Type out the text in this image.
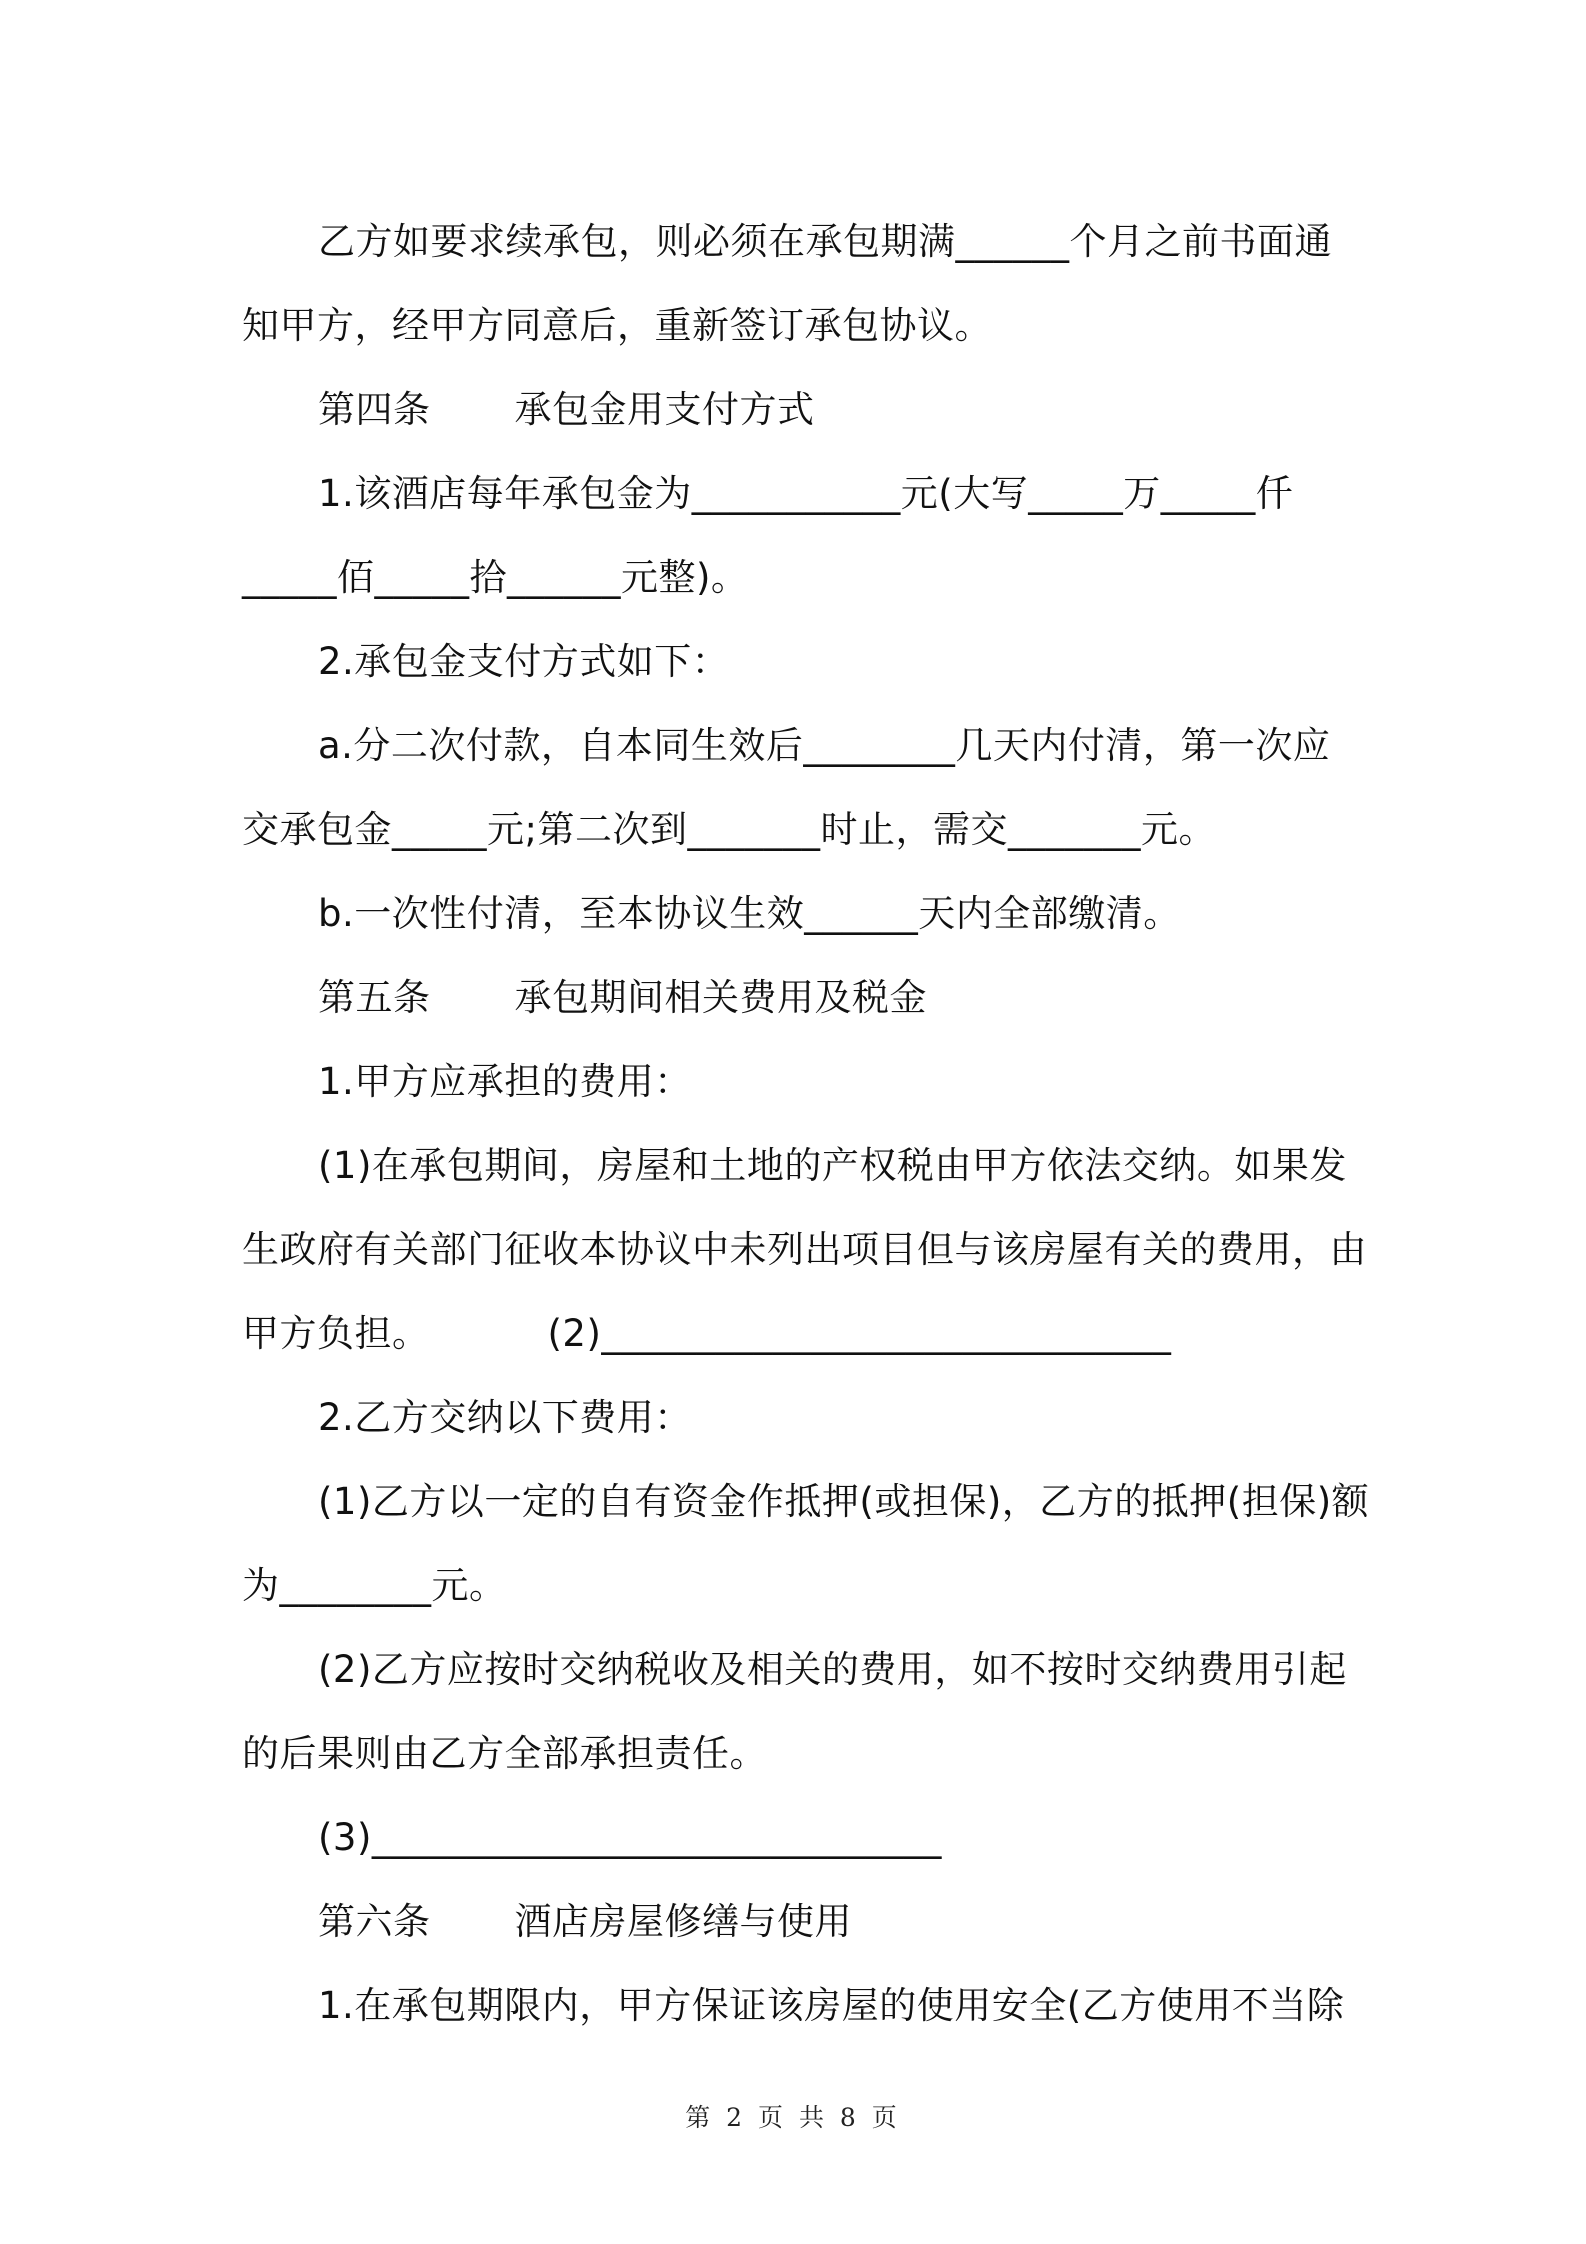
乙方如要求续承包，则必须在承包期满______个月之前书面通

知甲方，经甲方同意后，重新签订承包协议。

第四条 承包金用支付方式

1.该酒店每年承包金为___________元(大写_____万_____仟

_____佰_____拾______元整)。

2.承包金支付方式如下：

a.分二次付款，自本同生效后________几天内付清，第一次应

交承包金_____元;第二次到_______时止，需交_______元。

b.一次性付清，至本协议生效______天内全部缴清。

第五条 承包期间相关费用及税金

1.甲方应承担的费用：

(1)在承包期间，房屋和土地的产权税由甲方依法交纳。如果发

生政府有关部门征收本协议中未列出项目但与该房屋有关的费用，由

甲方负担。	(2)______________________________

2.乙方交纳以下费用：

(1)乙方以一定的自有资金作抵押(或担保)，乙方的抵押(担保)额

为________元。

(2)乙方应按时交纳税收及相关的费用，如不按时交纳费用引起

的后果则由乙方全部承担责任。

(3)______________________________

第六条 酒店房屋修缮与使用

1.在承包期限内，甲方保证该房屋的使用安全(乙方使用不当除

第 2 页 共 8 页
